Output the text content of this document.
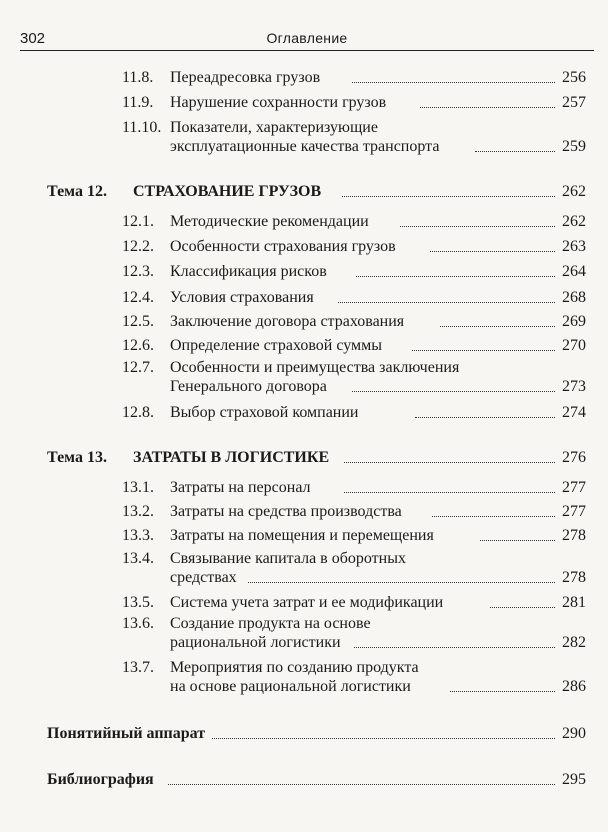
302	Оглавление
11.8. Переадресовка грузов	256
11.9. Нарушение сохранности грузов	257
11.10. Показатели, характеризующие
эксплуатационные качества транспорта	259
Тема 12. СТРАХОВАНИЕ ГРУЗОВ	262
12.1. Методические рекомендации	262
12.2. Особенности страхования грузов	263
12.3. Классификация рисков	264
12.4. Условия страхования	268
12.5. Заключение договора страхования	269
12.6. Определение страховой суммы	270
12.7. Особенности и преимущества заключения
Генерального договора	273
12.8. Выбор страховой компании	274
Тема 13. ЗАТРАТЫ В ЛОГИСТИКЕ	276
13.1. Затраты на персонал	277
13.2. Затраты на средства производства	277
13.3. Затраты на помещения и перемещения	278
13.4. Связывание капитала в оборотных
средствах	278
13.5. Система учета затрат и ее модификации	281
13.6. Создание продукта на основе
рациональной логистики	282
13.7. Мероприятия по созданию продукта
на основе рациональной логистики	286
Понятийный аппарат	290
Библиография	295
